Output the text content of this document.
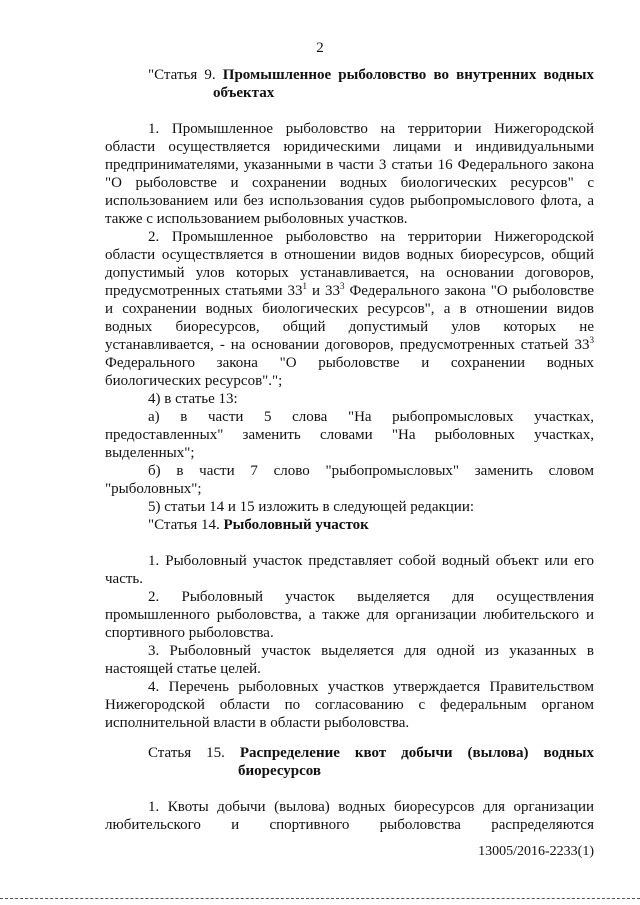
2
"Статья 9. Промышленное рыболовство во внутренних водных
объектах
1. Промышленное рыболовство на территории Нижегородской
области осуществляется юридическими лицами и индивидуальными
предпринимателями, указанными в части 3 статьи 16 Федерального закона
"О рыболовстве и сохранении водных биологических ресурсов" с
использованием или без использования судов рыбопромыслового флота, а
также с использованием рыболовных участков.
2. Промышленное рыболовство на территории Нижегородской
области осуществляется в отношении видов водных биоресурсов, общий
допустимый улов которых устанавливается, на основании договоров,
предусмотренных статьями $33^1$ и $33^3$ Федерального закона "О рыболовстве
и сохранении водных биологических ресурсов", а в отношении видов
водных биоресурсов, общий допустимый улов которых не
устанавливается, - на основании договоров, предусмотренных статьей $33^3$
Федерального закона "О рыболовстве и сохранении водных
биологических ресурсов".";
4) в статье 13:
а) в части 5 слова "На рыбопромысловых участках,
предоставленных" заменить словами "На рыболовных участках,
выделенных";
б) в части 7 слово "рыбопромысловых" заменить словом
"рыболовных";
5) статьи 14 и 15 изложить в следующей редакции:
"Статья 14. Рыболовный участок
1. Рыболовный участок представляет собой водный объект или его
часть.
2. Рыболовный участок выделяется для осуществления
промышленного рыболовства, а также для организации любительского и
спортивного рыболовства.
3. Рыболовный участок выделяется для одной из указанных в
настоящей статье целей.
4. Перечень рыболовных участков утверждается Правительством
Нижегородской области по согласованию с федеральным органом
исполнительной власти в области рыболовства.
Статья 15. Распределение квот добычи (вылова) водных
биоресурсов
1. Квоты добычи (вылова) водных биоресурсов для организации
любительского и спортивного рыболовства распределяются
13005/2016-2233(1)
